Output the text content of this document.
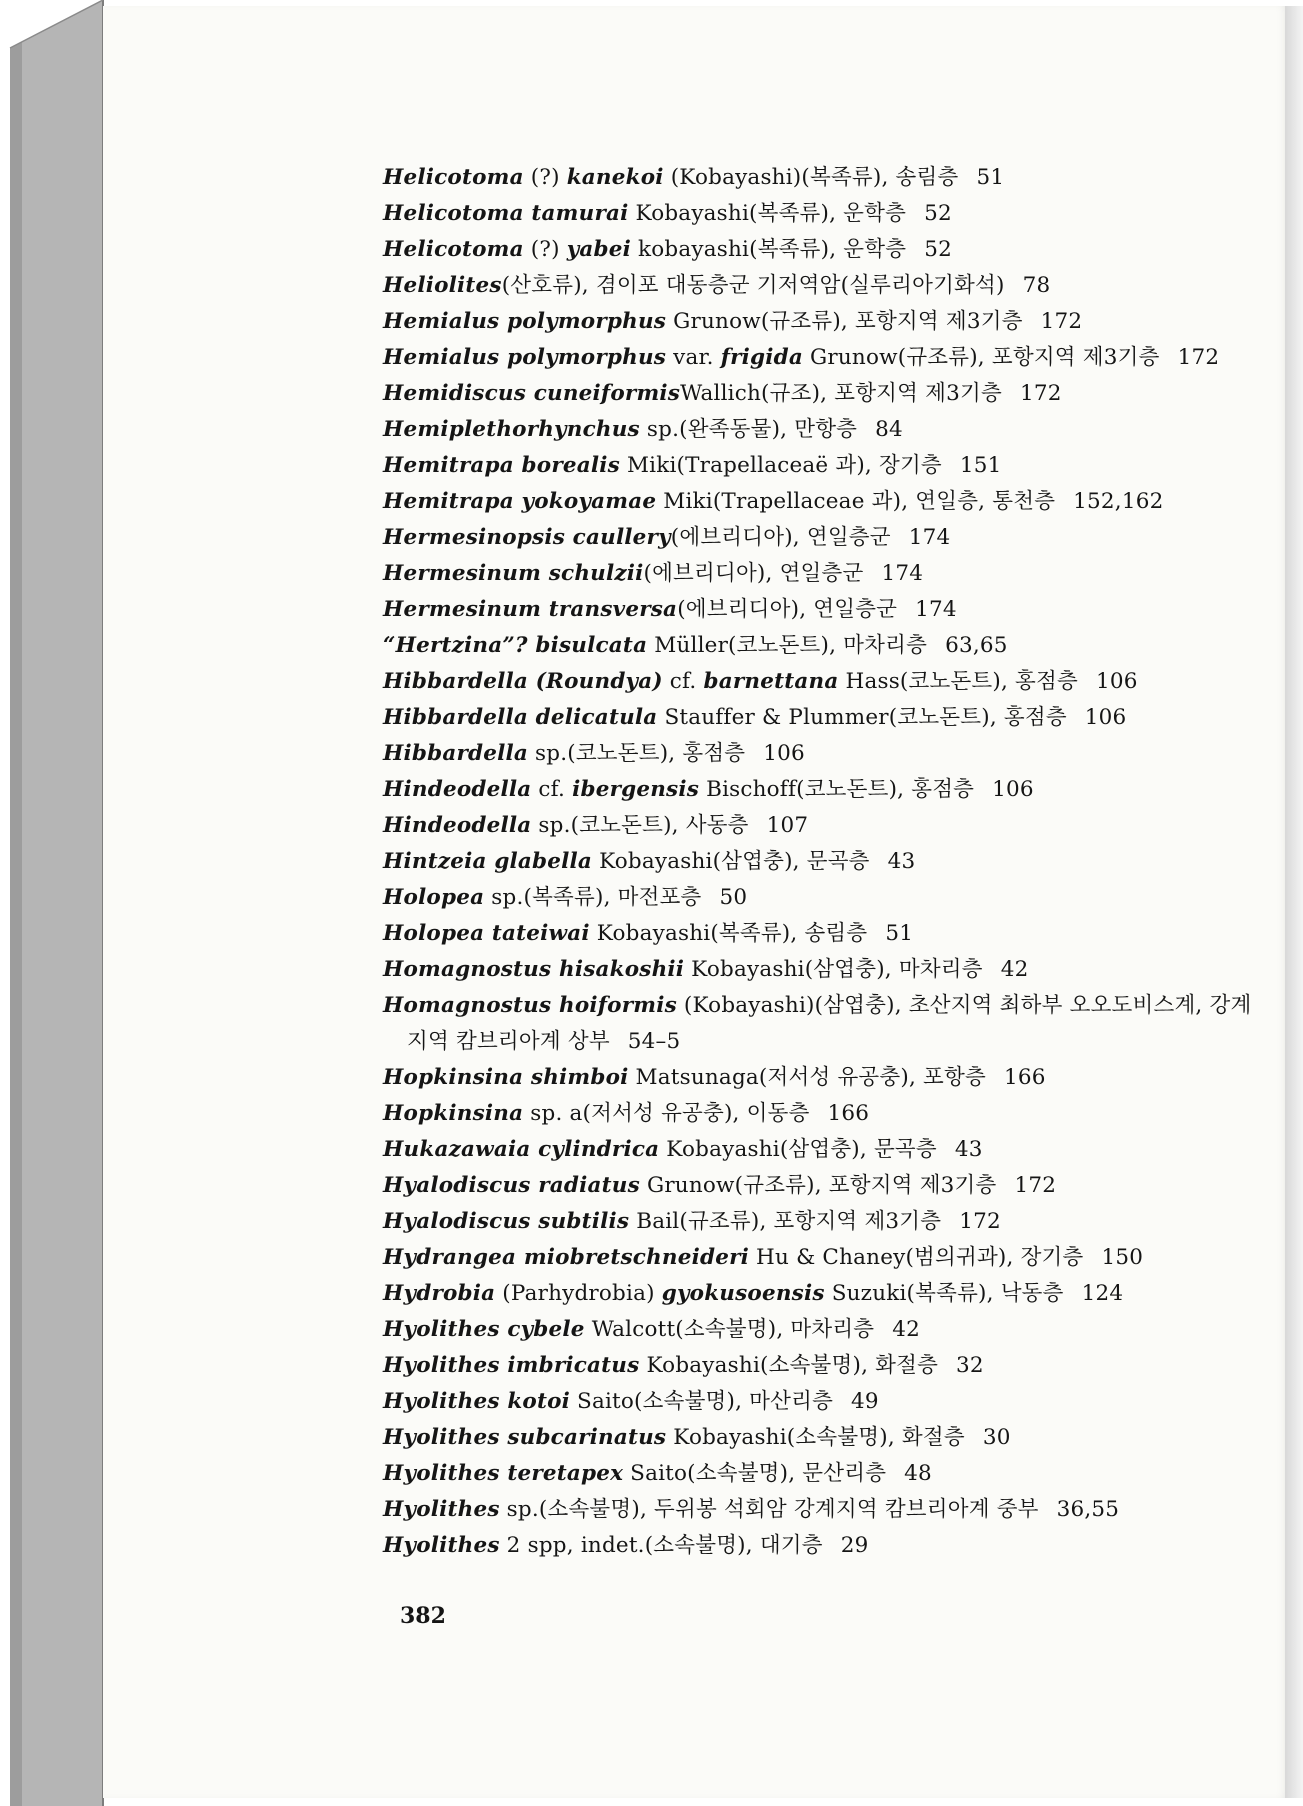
Helicotoma (?) kanekoi (Kobayashi)(복족류), 송림층 51
Helicotoma tamurai Kobayashi(복족류), 운학층 52
Helicotoma (?) yabei kobayashi(복족류), 운학층 52
Heliolites(산호류), 겸이포 대동층군 기저역암(실루리아기화석) 78
Hemialus polymorphus Grunow(규조류), 포항지역 제3기층 172
Hemialus polymorphus var. frigida Grunow(규조류), 포항지역 제3기층 172
Hemidiscus cuneiformisWallich(규조), 포항지역 제3기층 172
Hemiplethorhynchus sp.(완족동물), 만항층 84
Hemitrapa borealis Miki(Trapellaceaë 과), 장기층 151
Hemitrapa yokoyamae Miki(Trapellaceae 과), 연일층, 통천층 152,162
Hermesinopsis caullery(에브리디아), 연일층군 174
Hermesinum schulzii(에브리디아), 연일층군 174
Hermesinum transversa(에브리디아), 연일층군 174
“Hertzina”? bisulcata Müller(코노돈트), 마차리층 63,65
Hibbardella (Roundya) cf. barnettana Hass(코노돈트), 홍점층 106
Hibbardella delicatula Stauffer & Plummer(코노돈트), 홍점층 106
Hibbardella sp.(코노돈트), 홍점층 106
Hindeodella cf. ibergensis Bischoff(코노돈트), 홍점층 106
Hindeodella sp.(코노돈트), 사동층 107
Hintzeia glabella Kobayashi(삼엽충), 문곡층 43
Holopea sp.(복족류), 마전포층 50
Holopea tateiwai Kobayashi(복족류), 송림층 51
Homagnostus hisakoshii Kobayashi(삼엽충), 마차리층 42
Homagnostus hoiformis (Kobayashi)(삼엽충), 초산지역 최하부 오오도비스계, 강계
지역 캄브리아계 상부 54–5
Hopkinsina shimboi Matsunaga(저서성 유공충), 포항층 166
Hopkinsina sp. a(저서성 유공충), 이동층 166
Hukazawaia cylindrica Kobayashi(삼엽충), 문곡층 43
Hyalodiscus radiatus Grunow(규조류), 포항지역 제3기층 172
Hyalodiscus subtilis Bail(규조류), 포항지역 제3기층 172
Hydrangea miobretschneideri Hu & Chaney(범의귀과), 장기층 150
Hydrobia (Parhydrobia) gyokusoensis Suzuki(복족류), 낙동층 124
Hyolithes cybele Walcott(소속불명), 마차리층 42
Hyolithes imbricatus Kobayashi(소속불명), 화절층 32
Hyolithes kotoi Saito(소속불명), 마산리층 49
Hyolithes subcarinatus Kobayashi(소속불명), 화절층 30
Hyolithes teretapex Saito(소속불명), 문산리층 48
Hyolithes sp.(소속불명), 두위봉 석회암 강계지역 캄브리아계 중부 36,55
Hyolithes 2 spp, indet.(소속불명), 대기층 29
382
